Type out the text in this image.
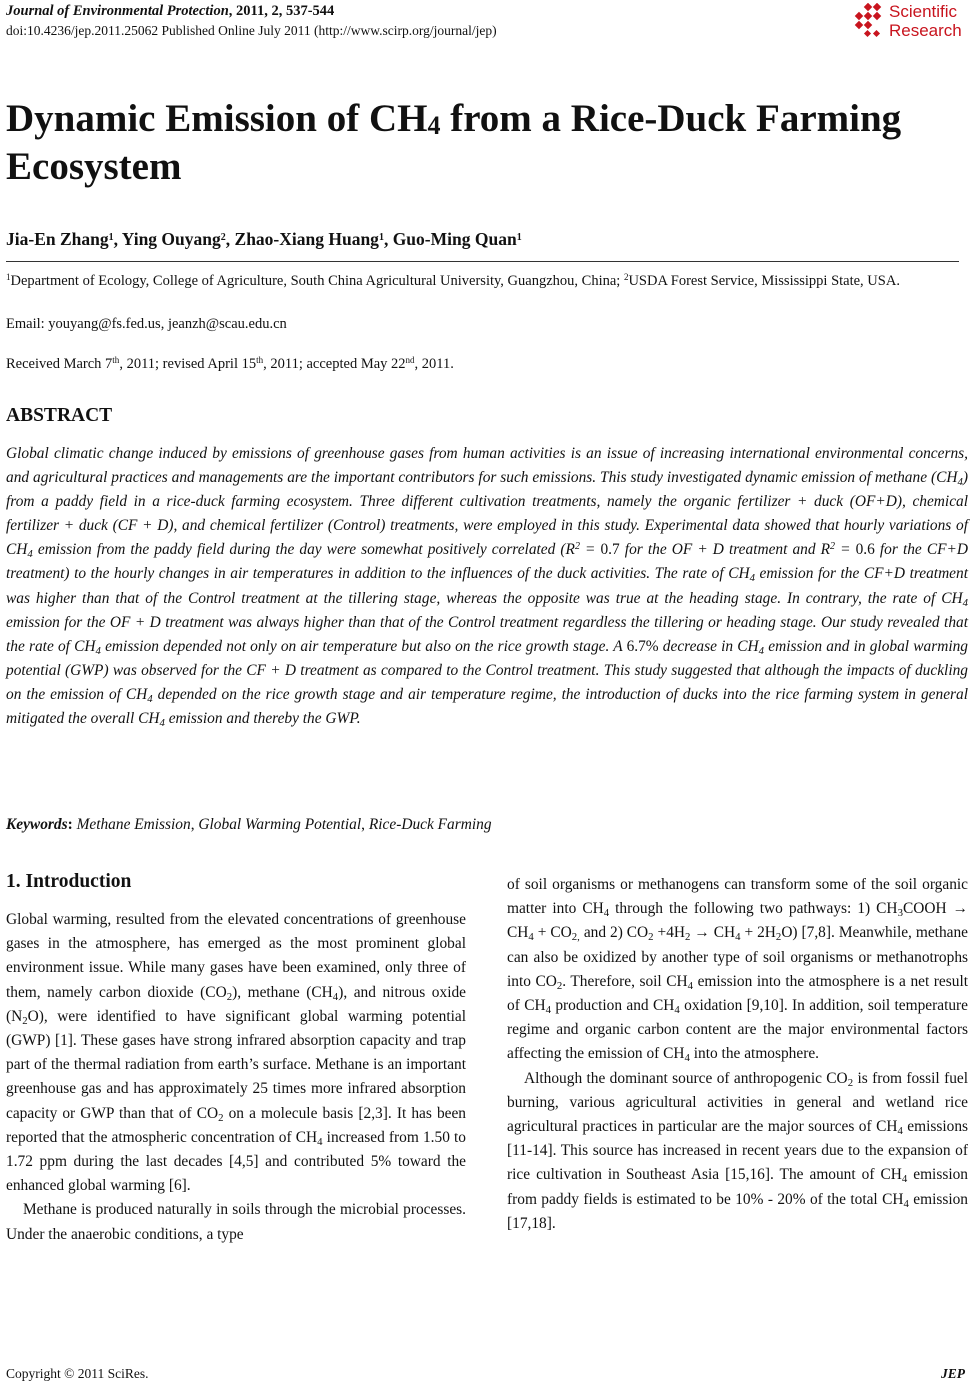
Journal of Environmental Protection, 2011, 2, 537-544
doi:10.4236/jep.2011.25062 Published Online July 2011 (http://www.scirp.org/journal/jep)
Scientific
Research
Dynamic Emission of $CH_4$ from a Rice-Duck Farming Ecosystem
Jia-En Zhang$^1$, Ying Ouyang$^2$, Zhao-Xiang Huang$^1$, Guo-Ming Quan$^1$
$^1$Department of Ecology, College of Agriculture, South China Agricultural University, Guangzhou, China; $^2$USDA Forest Service, Mississippi State, USA.
Email: youyang@fs.fed.us, jeanzh@scau.edu.cn
Received March 7th, 2011; revised April 15th, 2011; accepted May 22nd, 2011.
ABSTRACT

Global climatic change induced by emissions of greenhouse gases from human activities is an issue of increasing international environmental concerns, and agricultural practices and managements are the important contributors for such emissions. This study investigated dynamic emission of methane $(CH_4)$ from a paddy field in a rice-duck farming ecosystem. Three different cultivation treatments, namely the organic fertilizer + duck (OF+D), chemical fertilizer + duck (CF + D), and chemical fertilizer (Control) treatments, were employed in this study. Experimental data showed that hourly variations of $CH_4$ emission from the paddy field during the day were somewhat positively correlated ($R^2 = 0.7$ for the OF + D treatment and $R^2 = 0.6$ for the CF+D treatment) to the hourly changes in air temperatures in addition to the influences of the duck activities. The rate of $CH_4$ emission for the CF+D treatment was higher than that of the Control treatment at the tillering stage, whereas the opposite was true at the heading stage. In contrary, the rate of $CH_4$ emission for the OF + D treatment was always higher than that of the Control treatment regardless the tillering or heading stage. Our study revealed that the rate of $CH_4$ emission depended not only on air temperature but also on the rice growth stage. A 6.7% decrease in $CH_4$ emission and in global warming potential (GWP) was observed for the CF + D treatment as compared to the Control treatment. This study suggested that although the impacts of duckling on the emission of $CH_4$ depended on the rice growth stage and air temperature regime, the introduction of ducks into the rice farming system in general mitigated the overall $CH_4$ emission and thereby the GWP.

Keywords: Methane Emission, Global Warming Potential, Rice-Duck Farming
1. Introduction

Global warming, resulted from the elevated concentrations of greenhouse gases in the atmosphere, has emerged as the most prominent global environment issue. While many gases have been examined, only three of them, namely carbon dioxide $(CO_2)$, methane $(CH_4)$, and nitrous oxide $(N_2O)$, were identified to have significant global warming potential (GWP) [1]. These gases have strong infrared absorption capacity and trap part of the thermal radiation from earth’s surface. Methane is an important greenhouse gas and has approximately 25 times more infrared absorption capacity or GWP than that of $CO_2$ on a molecule basis [2,3]. It has been reported that the atmospheric concentration of $CH_4$ increased from 1.50 to 1.72 ppm during the last decades [4,5] and contributed 5% toward the enhanced global warming [6].

Methane is produced naturally in soils through the microbial processes. Under the anaerobic conditions, a type

of soil organisms or methanogens can transform some of the soil organic matter into $CH_4$ through the following two pathways: 1) $CH_3COOH \to CH_4 + CO_{2,}$ and 2) $CO_2 +4H_2 \to CH_4 + 2H_2O$) [7,8]. Meanwhile, methane can also be oxidized by another type of soil organisms or methanotrophs into $CO_2$. Therefore, soil $CH_4$ emission into the atmosphere is a net result of $CH_4$ production and $CH_4$ oxidation [9,10]. In addition, soil temperature regime and organic carbon content are the major environmental factors affecting the emission of $CH_4$ into the atmosphere.

Although the dominant source of anthropogenic $CO_2$ is from fossil fuel burning, various agricultural activities in general and wetland rice agricultural practices in particular are the major sources of $CH_4$ emissions [11-14]. This source has increased in recent years due to the expansion of rice cultivation in Southeast Asia [15,16]. The amount of $CH_4$ emission from paddy fields is estimated to be 10% - 20% of the total $CH_4$ emission [17,18].

Copyright © 2011 SciRes.	JEP
